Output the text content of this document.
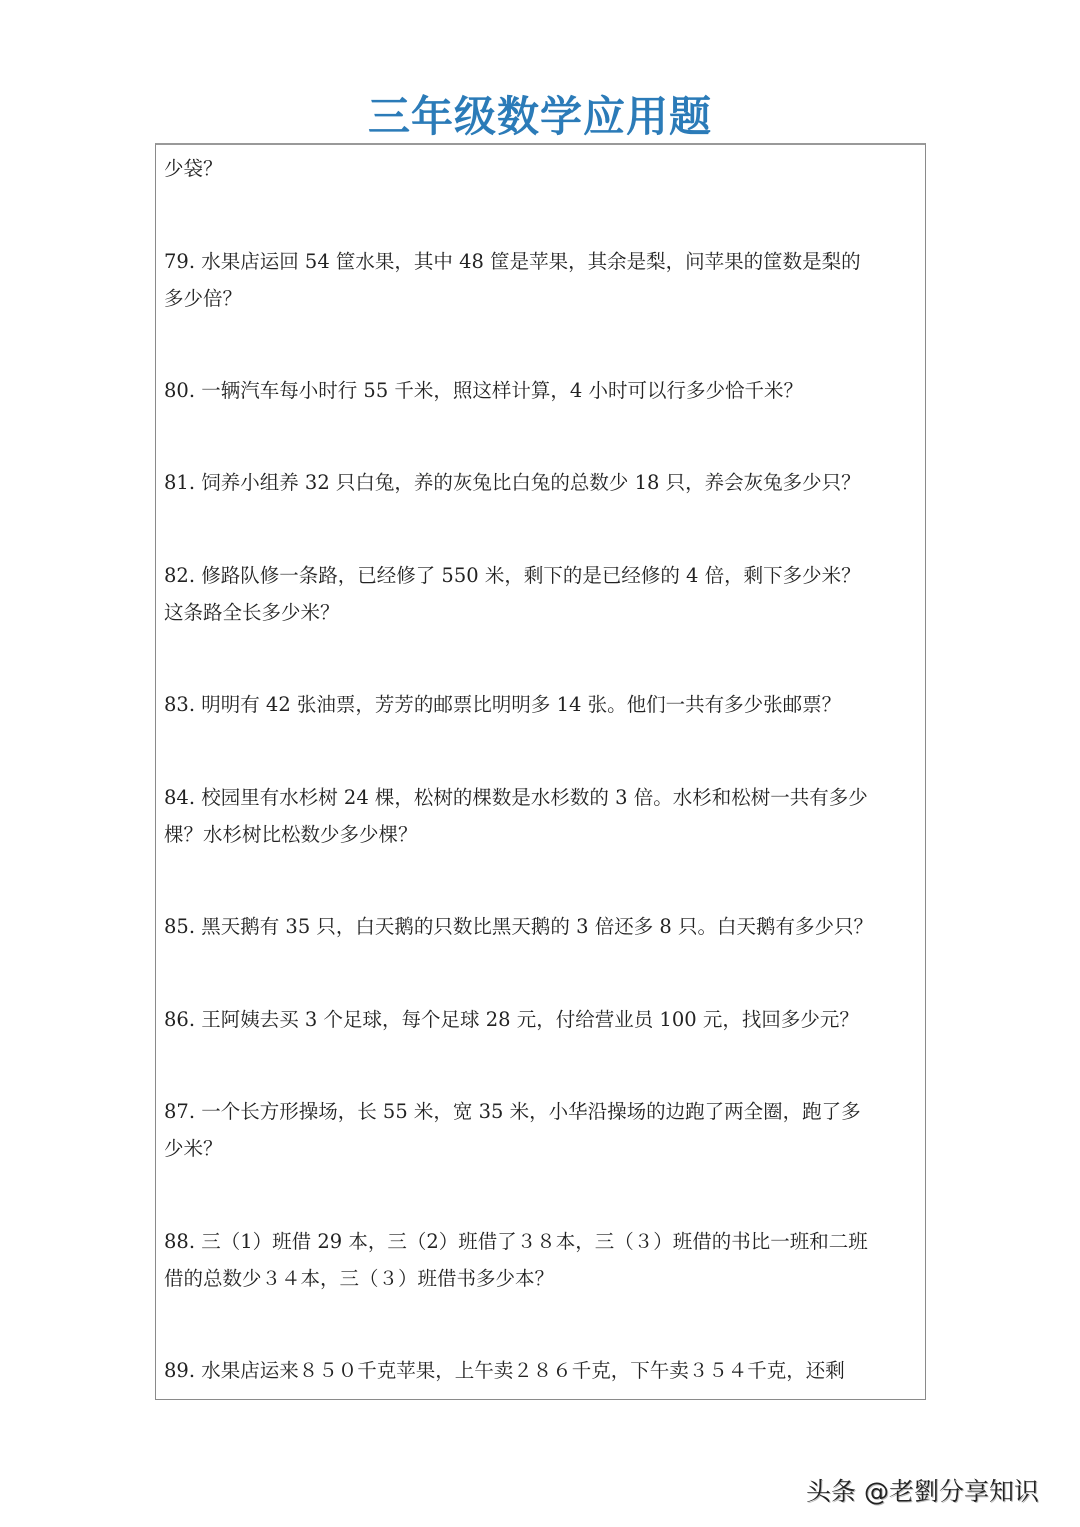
三年级数学应用题
少袋？
79. 水果店运回 54 筐水果，其中 48 筐是苹果，其余是梨，问苹果的筐数是梨的
多少倍？
80. 一辆汽车每小时行 55 千米，照这样计算，4 小时可以行多少恰千米？
81. 饲养小组养 32 只白兔，养的灰兔比白兔的总数少 18 只，养会灰兔多少只？
82. 修路队修一条路，已经修了 550 米，剩下的是已经修的 4 倍，剩下多少米？
这条路全长多少米？
83. 明明有 42 张油票，芳芳的邮票比明明多 14 张。他们一共有多少张邮票？
84. 校园里有水杉树 24 棵，松树的棵数是水杉数的 3 倍。水杉和松树一共有多少
棵？水杉树比松数少多少棵？
85. 黑天鹅有 35 只，白天鹅的只数比黑天鹅的 3 倍还多 8 只。白天鹅有多少只？
86. 王阿姨去买 3 个足球，每个足球 28 元，付给营业员 100 元，找回多少元？
87. 一个长方形操场，长 55 米，宽 35 米，小华沿操场的边跑了两全圈，跑了多
少米？
88. 三（1）班借 29 本，三（2）班借了３８本，三（３）班借的书比一班和二班
借的总数少３４本，三（３）班借书多少本？
89. 水果店运来８５０千克苹果，上午卖２８６千克，下午卖３５４千克，还剩
头条 @老劉分享知识
